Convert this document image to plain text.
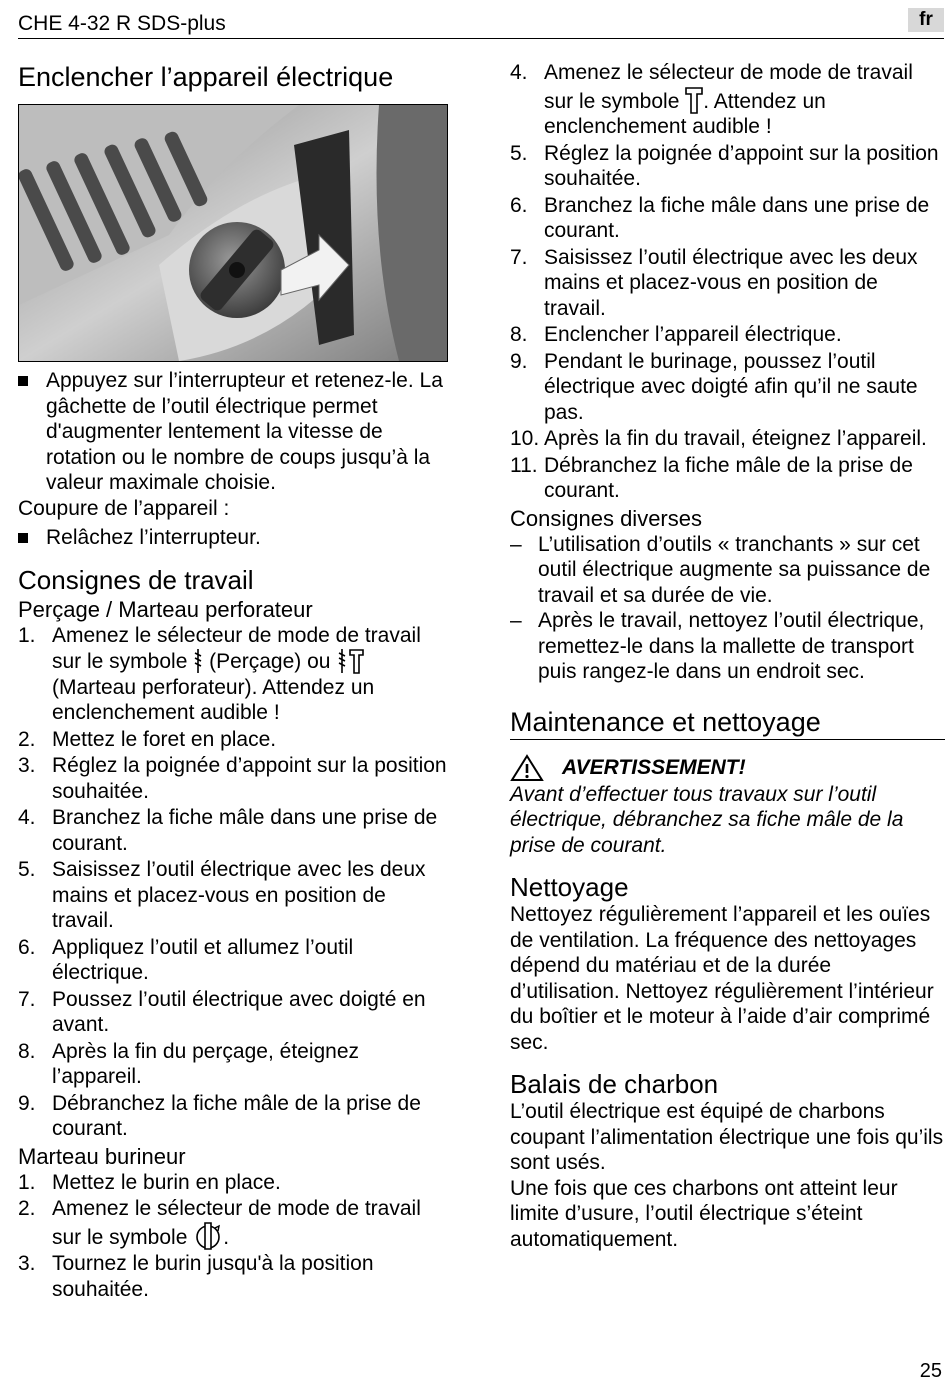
CHE 4-32 R SDS-plus	fr
Enclencher l’appareil électrique
Appuyez sur l’interrupteur et retenez-le. La gâchette de l’outil électrique permet d'augmenter lentement la vitesse de rotation ou le nombre de coups jusqu’à la valeur maximale choisie.

Coupure de l’appareil :

Relâchez l’interrupteur.
Consignes de travail
Perçage / Marteau perforateur
1. Amenez le sélecteur de mode de travail sur le symbole (Perçage) ou  (Marteau perforateur). Attendez un enclenchement audible !
2. Mettez le foret en place.
3. Réglez la poignée d’appoint sur la position souhaitée.
4. Branchez la fiche mâle dans une prise de courant.
5. Saisissez l’outil électrique avec les deux mains et placez-vous en position de travail.
6. Appliquez l’outil et allumez l’outil électrique.
7. Poussez l’outil électrique avec doigté en avant.
8. Après la fin du perçage, éteignez l’appareil.
9. Débranchez la fiche mâle de la prise de courant.
Marteau burineur
1. Mettez le burin en place.
2. Amenez le sélecteur de mode de travail sur le symbole .
3. Tournez le burin jusqu'à la position souhaitée.
4. Amenez le sélecteur de mode de travail sur le symbole . Attendez un enclenchement audible !
5. Réglez la poignée d’appoint sur la position souhaitée.
6. Branchez la fiche mâle dans une prise de courant.
7. Saisissez l’outil électrique avec les deux mains et placez-vous en position de travail.
8. Enclencher l’appareil électrique.
9. Pendant le burinage, poussez l’outil électrique avec doigté afin qu’il ne saute pas.
10. Après la fin du travail, éteignez l’appareil.
11. Débranchez la fiche mâle de la prise de courant.
Consignes diverses
– L’utilisation d’outils « tranchants » sur cet outil électrique augmente sa puissance de travail et sa durée de vie.
– Après le travail, nettoyez l’outil électrique, remettez-le dans la mallette de transport puis rangez-le dans un endroit sec.
Maintenance et nettoyage
AVERTISSEMENT!
Avant d’effectuer tous travaux sur l’outil électrique, débranchez sa fiche mâle de la prise de courant.
Nettoyage

Nettoyez régulièrement l’appareil et les ouïes de ventilation. La fréquence des nettoyages dépend du matériau et de la durée d’utilisation. Nettoyez régulièrement l’intérieur du boîtier et le moteur à l’aide d’air comprimé sec.

Balais de charbon

L’outil électrique est équipé de charbons coupant l’alimentation électrique une fois qu’ils sont usés.

Une fois que ces charbons ont atteint leur limite d’usure, l’outil électrique s’éteint automatiquement.

25
